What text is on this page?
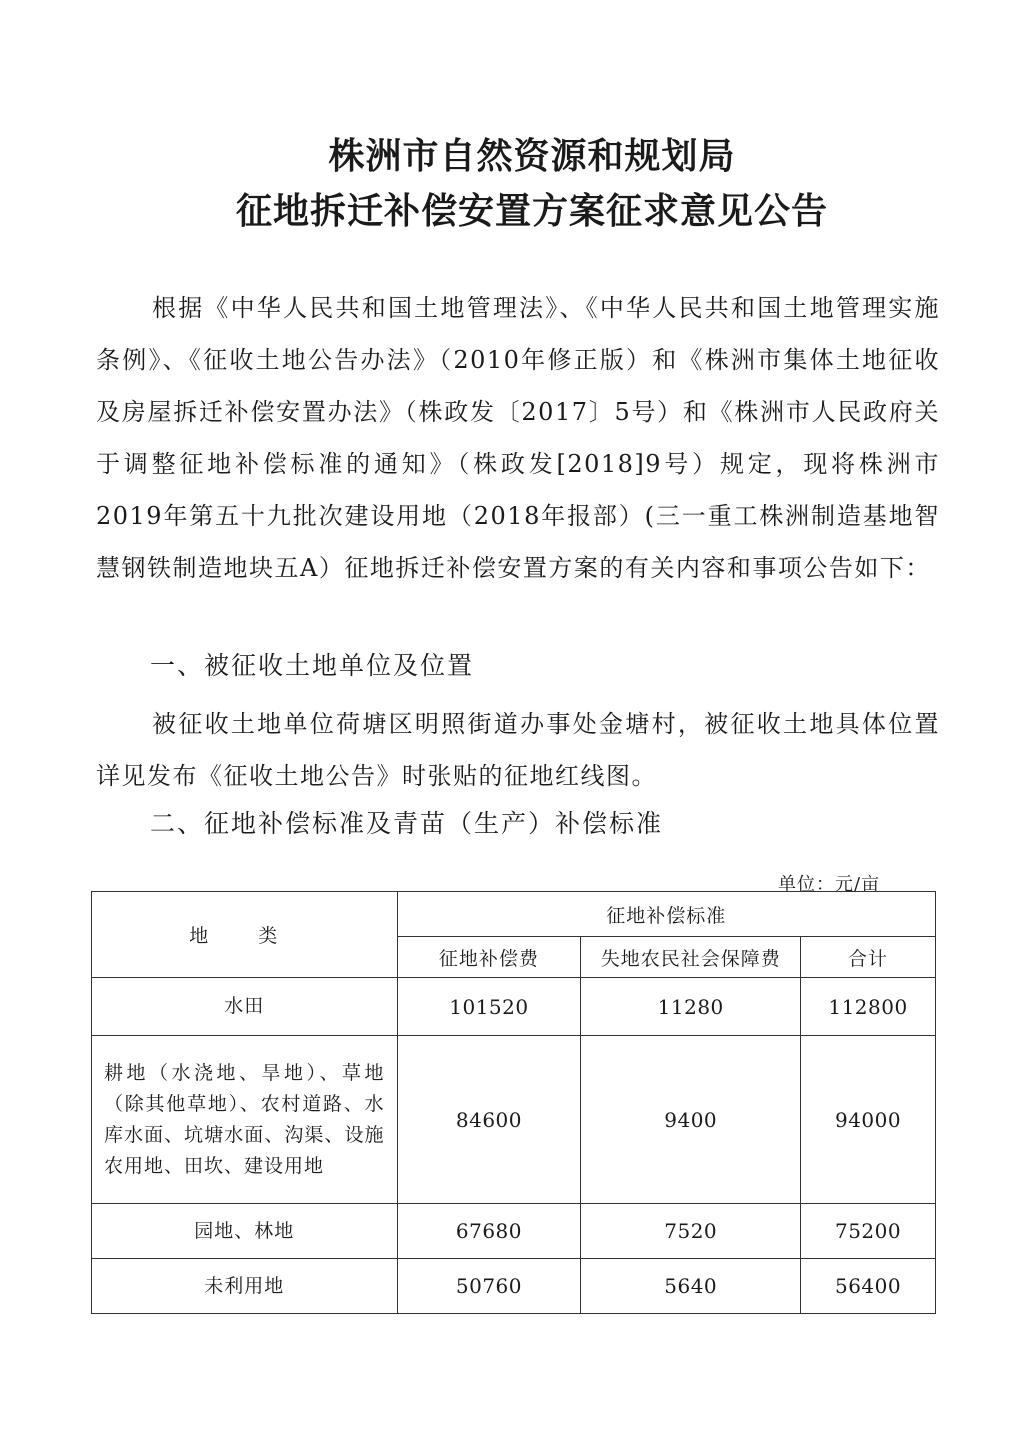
株洲市自然资源和规划局
征地拆迁补偿安置方案征求意见公告

根据《中华人民共和国土地管理法》、《中华人民共和国土地管理实施条例》、《征收土地公告办法》（2010年修正版）和《株洲市集体土地征收及房屋拆迁补偿安置办法》（株政发〔2017〕5号）和《株洲市人民政府关于调整征地补偿标准的通知》（株政发[2018]9号）规定，现将株洲市2019年第五十九批次建设用地（2018年报部）(三一重工株洲制造基地智慧钢铁制造地块五A）征地拆迁补偿安置方案的有关内容和事项公告如下：

一、被征收土地单位及位置

被征收土地单位荷塘区明照街道办事处金塘村，被征收土地具体位置详见发布《征收土地公告》时张贴的征地红线图。

二、征地补偿标准及青苗（生产）补偿标准

单位：元/亩
地 类	征地补偿标准		
	征地补偿费	失地农民社会保障费	合计
水田	101520	11280	112800
耕地（水浇地、旱地）、草地（除其他草地）、农村道路、水库水面、坑塘水面、沟渠、设施农用地、田坎、建设用地	84600	9400	94000
园地、林地	67680	7520	75200
未利用地	50760	5640	56400
